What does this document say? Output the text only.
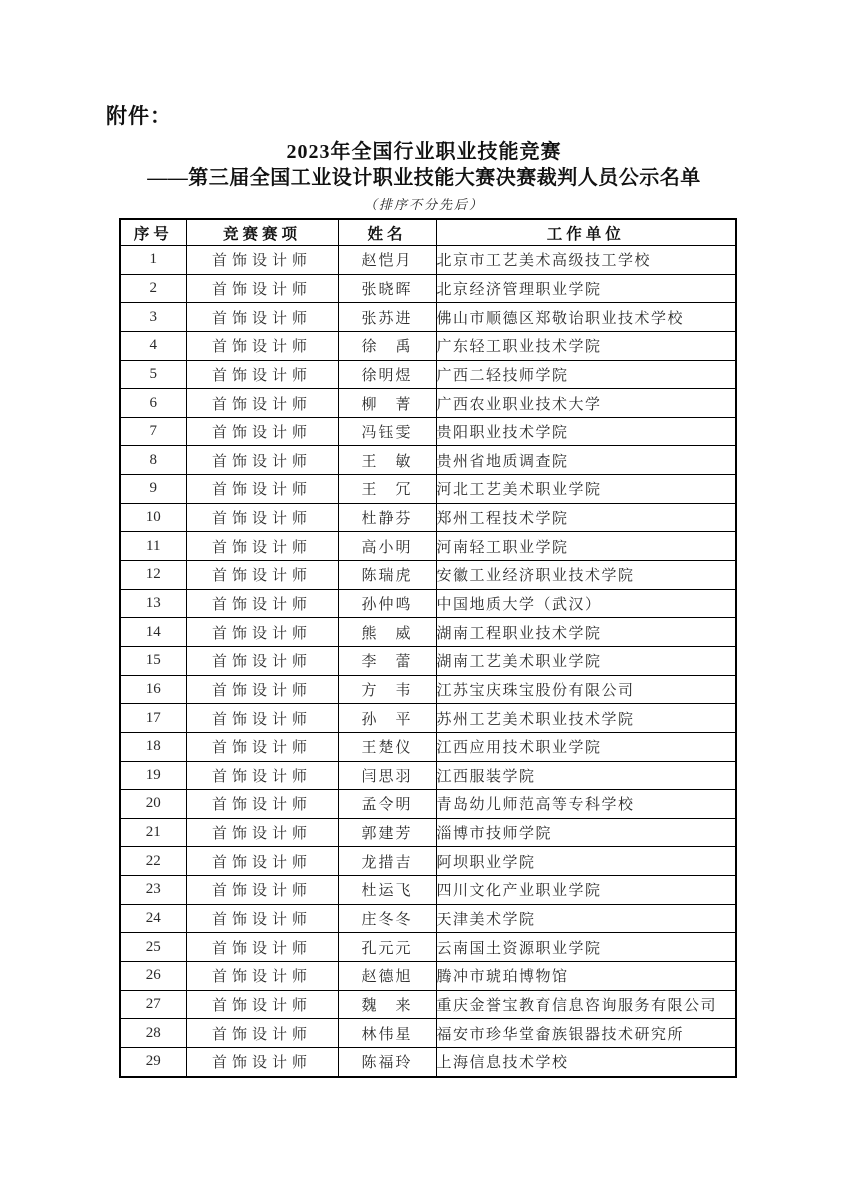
附件：
2023年全国行业职业技能竞赛
——第三届全国工业设计职业技能大赛决赛裁判人员公示名单
（排序不分先后）
序号	竞赛赛项	姓名	工作单位
1	首饰设计师	赵恺月	北京市工艺美术高级技工学校
2	首饰设计师	张晓晖	北京经济管理职业学院
3	首饰设计师	张苏进	佛山市顺德区郑敬诒职业技术学校
4	首饰设计师	徐　禹	广东轻工职业技术学院
5	首饰设计师	徐明煜	广西二轻技师学院
6	首饰设计师	柳　菁	广西农业职业技术大学
7	首饰设计师	冯钰雯	贵阳职业技术学院
8	首饰设计师	王　敏	贵州省地质调查院
9	首饰设计师	王　冗	河北工艺美术职业学院
10	首饰设计师	杜静芬	郑州工程技术学院
11	首饰设计师	高小明	河南轻工职业学院
12	首饰设计师	陈瑞虎	安徽工业经济职业技术学院
13	首饰设计师	孙仲鸣	中国地质大学（武汉）
14	首饰设计师	熊　威	湖南工程职业技术学院
15	首饰设计师	李　蕾	湖南工艺美术职业学院
16	首饰设计师	方　韦	江苏宝庆珠宝股份有限公司
17	首饰设计师	孙　平	苏州工艺美术职业技术学院
18	首饰设计师	王楚仪	江西应用技术职业学院
19	首饰设计师	闫思羽	江西服装学院
20	首饰设计师	孟令明	青岛幼儿师范高等专科学校
21	首饰设计师	郭建芳	淄博市技师学院
22	首饰设计师	龙措吉	阿坝职业学院
23	首饰设计师	杜运飞	四川文化产业职业学院
24	首饰设计师	庄冬冬	天津美术学院
25	首饰设计师	孔元元	云南国土资源职业学院
26	首饰设计师	赵德旭	腾冲市琥珀博物馆
27	首饰设计师	魏　来	重庆金誉宝教育信息咨询服务有限公司
28	首饰设计师	林伟星	福安市珍华堂畲族银器技术研究所
29	首饰设计师	陈福玲	上海信息技术学校
